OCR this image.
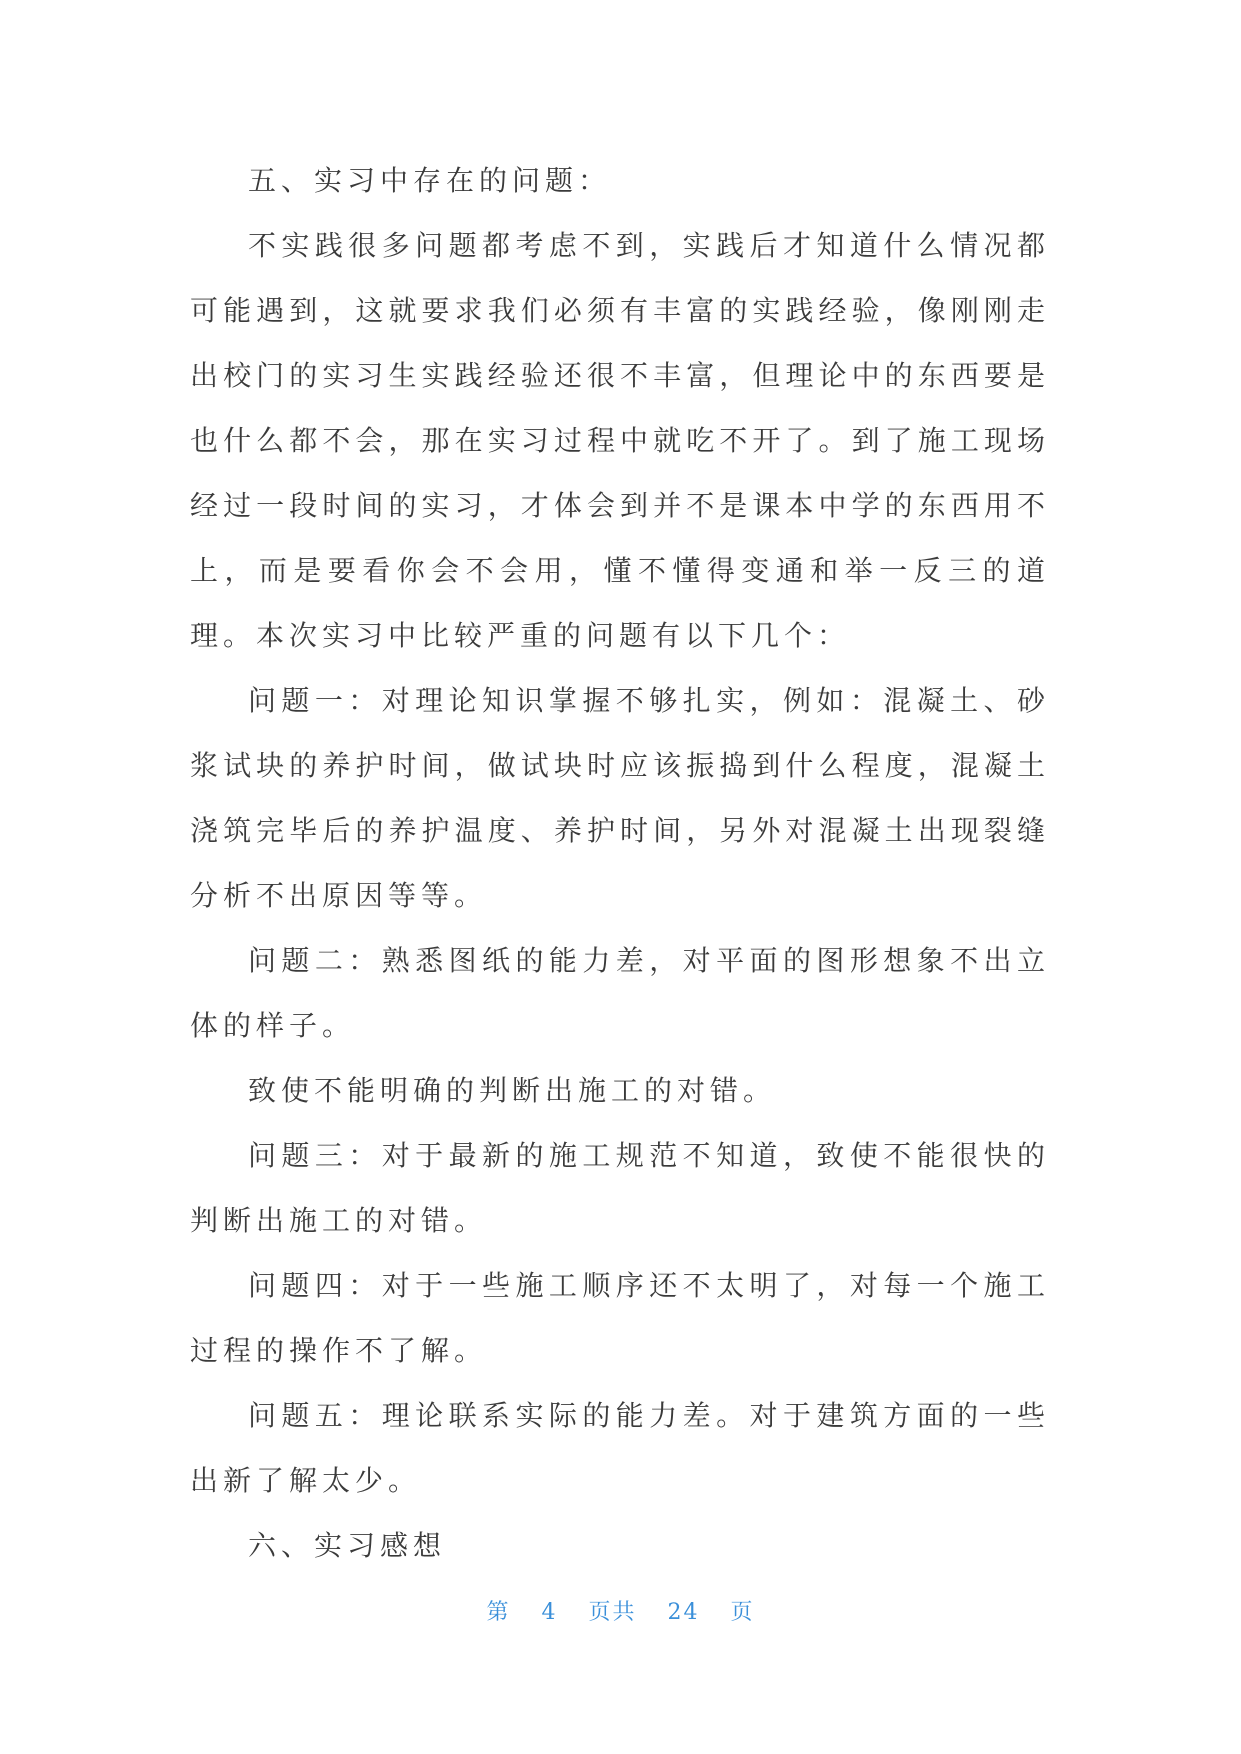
五、实习中存在的问题：

不实践很多问题都考虑不到，实践后才知道什么情况都可能遇到，这就要求我们必须有丰富的实践经验，像刚刚走出校门的实习生实践经验还很不丰富，但理论中的东西要是也什么都不会，那在实习过程中就吃不开了。到了施工现场经过一段时间的实习，才体会到并不是课本中学的东西用不上，而是要看你会不会用，懂不懂得变通和举一反三的道理。本次实习中比较严重的问题有以下几个：

问题一：对理论知识掌握不够扎实，例如：混凝土、砂浆试块的养护时间，做试块时应该振捣到什么程度，混凝土浇筑完毕后的养护温度、养护时间，另外对混凝土出现裂缝分析不出原因等等。

问题二：熟悉图纸的能力差，对平面的图形想象不出立体的样子。

致使不能明确的判断出施工的对错。

问题三：对于最新的施工规范不知道，致使不能很快的判断出施工的对错。

问题四：对于一些施工顺序还不太明了，对每一个施工过程的操作不了解。

问题五：理论联系实际的能力差。对于建筑方面的一些出新了解太少。

六、实习感想

第 4 页共 24 页
